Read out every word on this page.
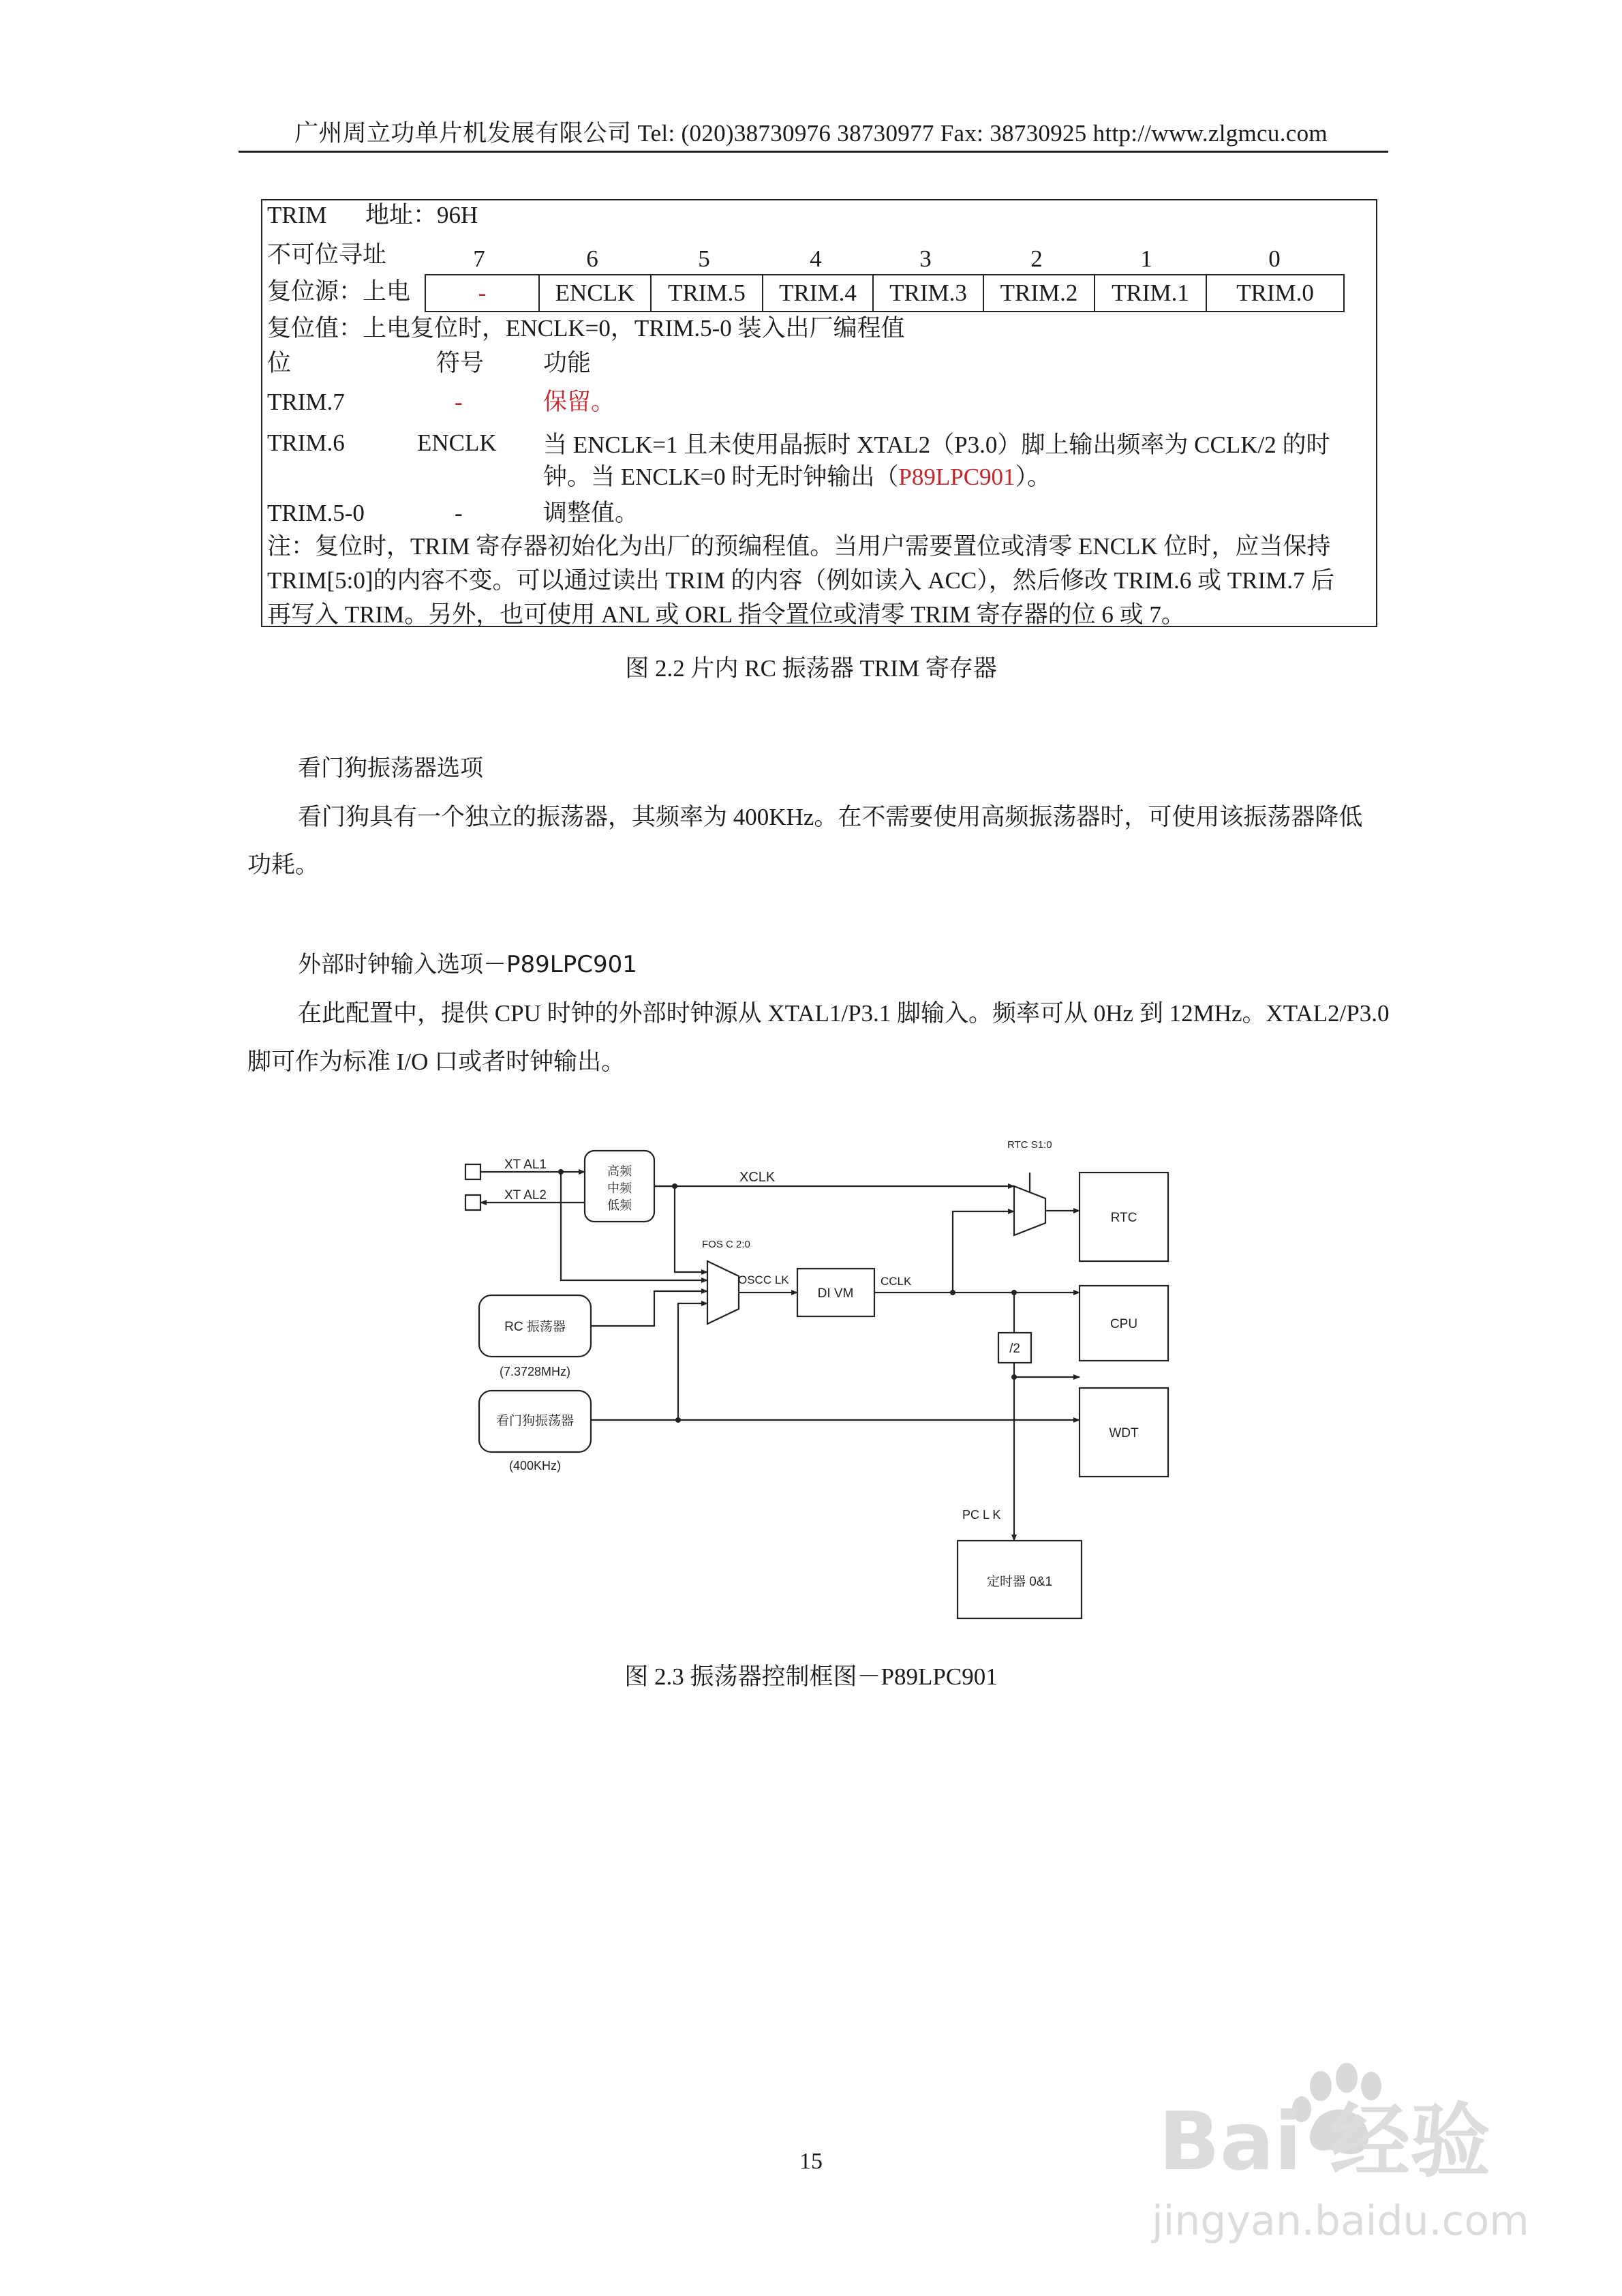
广州周立功单片机发展有限公司 Tel: (020)38730976 38730977 Fax: 38730925 http://www.zlgmcu.com
TRIM 地址：96H
不可位寻址	7	6	5	4	3	2	1	0
复位源：上电	-	ENCLK	TRIM.5	TRIM.4	TRIM.3	TRIM.2	TRIM.1	TRIM.0
复位值：上电复位时，ENCLK=0，TRIM.5-0 装入出厂编程值
位	符号 功能
TRIM.7	-	保留。
TRIM.6	ENCLK 当 ENCLK=1 且未使用晶振时 XTAL2（P3.0）脚上输出频率为 CCLK/2 的时
钟。当 ENCLK=0 时无时钟输出（P89LPC901）。
TRIM.5-0	-	调整值。
注：复位时，TRIM 寄存器初始化为出厂的预编程值。当用户需要置位或清零 ENCLK 位时，应当保持
TRIM[5:0]的内容不变。可以通过读出 TRIM 的内容（例如读入 ACC），然后修改 TRIM.6 或 TRIM.7 后
再写入 TRIM。另外，也可使用 ANL 或 ORL 指令置位或清零 TRIM 寄存器的位 6 或 7。
图 2.2 片内 RC 振荡器 TRIM 寄存器
看门狗振荡器选项
看门狗具有一个独立的振荡器，其频率为 400KHz。在不需要使用高频振荡器时，可使用该振荡器降低
功耗。
外部时钟输入选项－P89LPC901
在此配置中，提供 CPU 时钟的外部时钟源从 XTAL1/P3.1 脚输入。频率可从 0Hz 到 12MHz。XTAL2/P3.0
脚可作为标准 I/O 口或者时钟输出。
XT AL1
XT AL2
高频
中频
低频
XCLK
RTC S1:0
RTC
FOS C 2:0
OSCC LK
DI VM
CCLK
CPU
RC 振荡器
(7.3728MHz)
/2
WDT
看门狗振荡器
(400KHz)
PC L K
定时器 0&1
图 2.3 振荡器控制框图－P89LPC901
15	Bai 经验
jingyan.baidu.com
